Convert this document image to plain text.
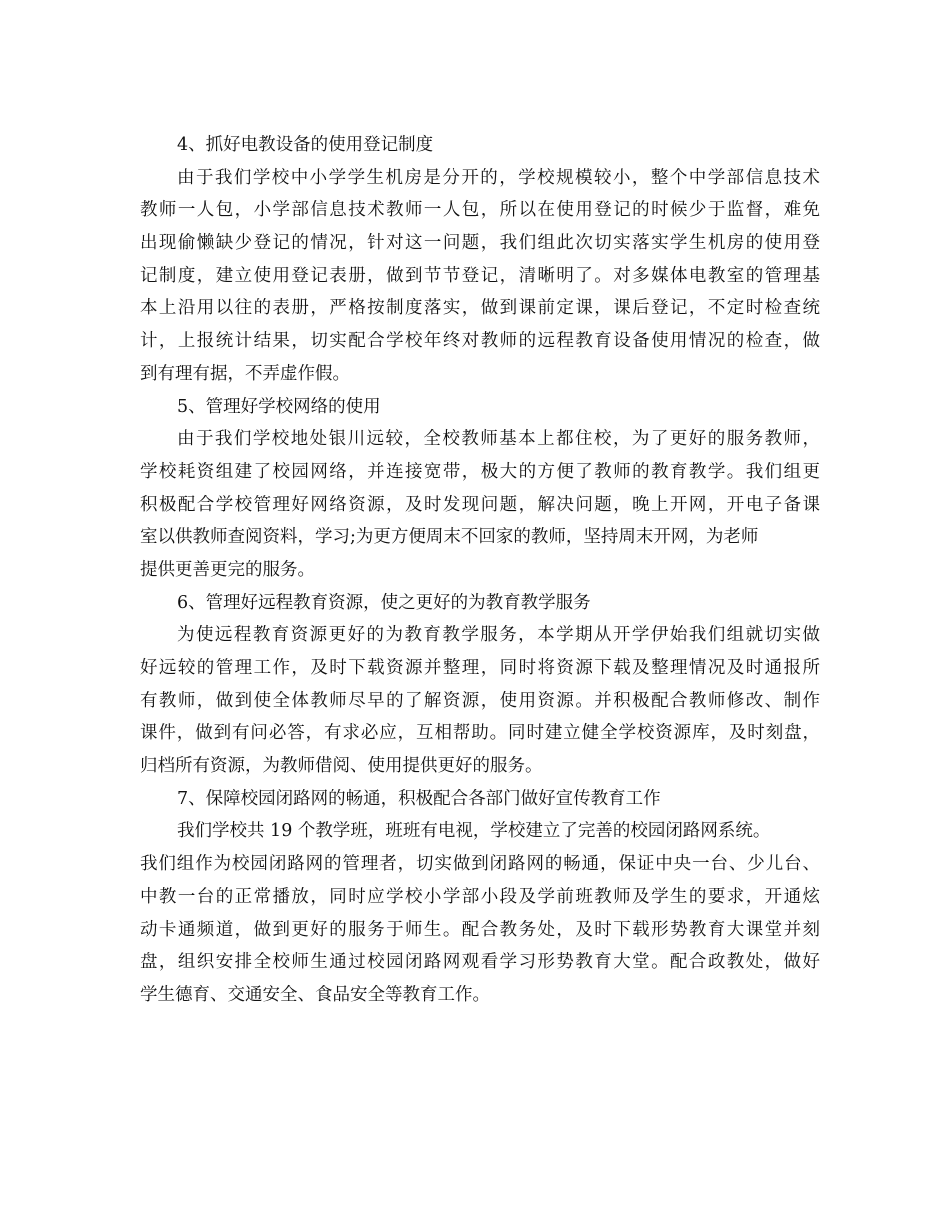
4、抓好电教设备的使用登记制度
由于我们学校中小学学生机房是分开的，学校规模较小，整个中学部信息技术
教师一人包，小学部信息技术教师一人包，所以在使用登记的时候少于监督，难免
出现偷懒缺少登记的情况，针对这一问题，我们组此次切实落实学生机房的使用登
记制度，建立使用登记表册，做到节节登记，清晰明了。对多媒体电教室的管理基
本上沿用以往的表册，严格按制度落实，做到课前定课，课后登记，不定时检查统
计，上报统计结果，切实配合学校年终对教师的远程教育设备使用情况的检查，做
到有理有据，不弄虚作假。
5、管理好学校网络的使用
由于我们学校地处银川远较，全校教师基本上都住校，为了更好的服务教师，
学校耗资组建了校园网络，并连接宽带，极大的方便了教师的教育教学。我们组更
积极配合学校管理好网络资源，及时发现问题，解决问题，晚上开网，开电子备课
室以供教师查阅资料，学习;为更方便周末不回家的教师，坚持周末开网，为老师
提供更善更完的服务。
6、管理好远程教育资源，使之更好的为教育教学服务
为使远程教育资源更好的为教育教学服务，本学期从开学伊始我们组就切实做
好远较的管理工作，及时下载资源并整理，同时将资源下载及整理情况及时通报所
有教师，做到使全体教师尽早的了解资源，使用资源。并积极配合教师修改、制作
课件，做到有问必答，有求必应，互相帮助。同时建立健全学校资源库，及时刻盘，
归档所有资源，为教师借阅、使用提供更好的服务。
7、保障校园闭路网的畅通，积极配合各部门做好宣传教育工作
我们学校共 19 个教学班，班班有电视，学校建立了完善的校园闭路网系统。
我们组作为校园闭路网的管理者，切实做到闭路网的畅通，保证中央一台、少儿台、
中教一台的正常播放，同时应学校小学部小段及学前班教师及学生的要求，开通炫
动卡通频道，做到更好的服务于师生。配合教务处，及时下载形势教育大课堂并刻
盘，组织安排全校师生通过校园闭路网观看学习形势教育大堂。配合政教处，做好
学生德育、交通安全、食品安全等教育工作。
